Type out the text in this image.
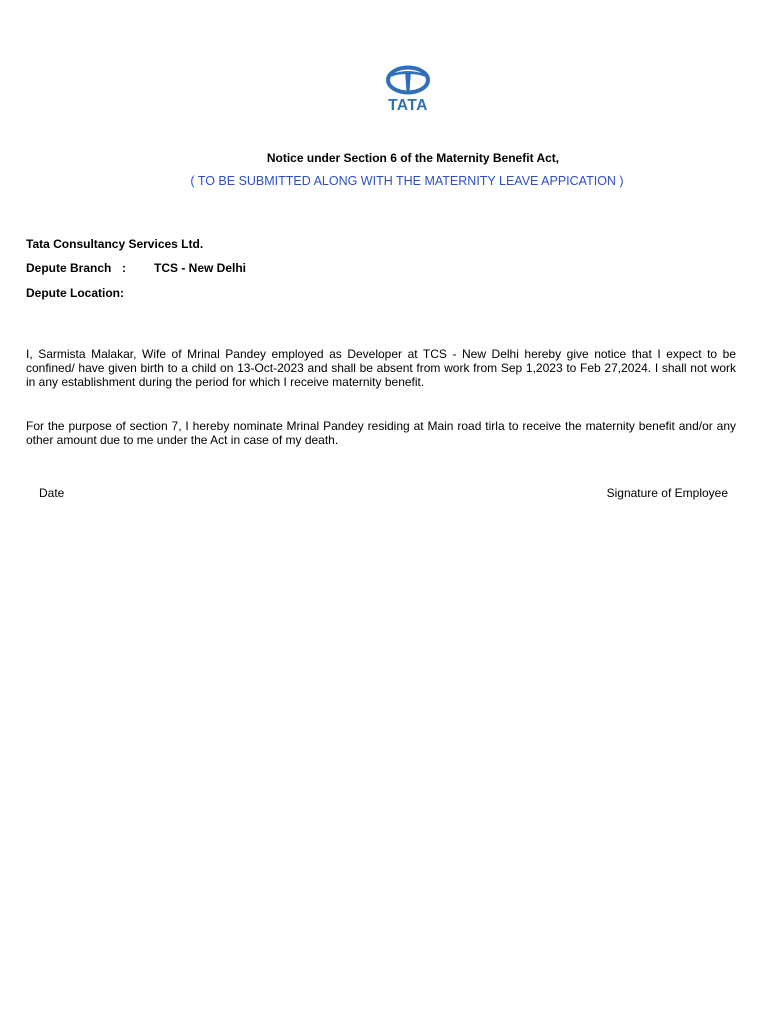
TATA
Notice under Section 6 of the Maternity Benefit Act,
( TO BE SUBMITTED ALONG WITH THE MATERNITY LEAVE APPICATION )
Tata Consultancy Services Ltd.
Depute Branch : TCS - New Delhi
Depute Location:
I, Sarmista Malakar, Wife of Mrinal Pandey employed as Developer at TCS - New Delhi hereby give notice that I expect to be confined/ have given birth to a child on 13-Oct-2023 and shall be absent from work from Sep 1,2023 to Feb 27,2024. I shall not work in any establishment during the period for which I receive maternity benefit.
For the purpose of section 7, I hereby nominate Mrinal Pandey residing at Main road tirla to receive the maternity benefit and/or any other amount due to me under the Act in case of my death.
Date	Signature of Employee
